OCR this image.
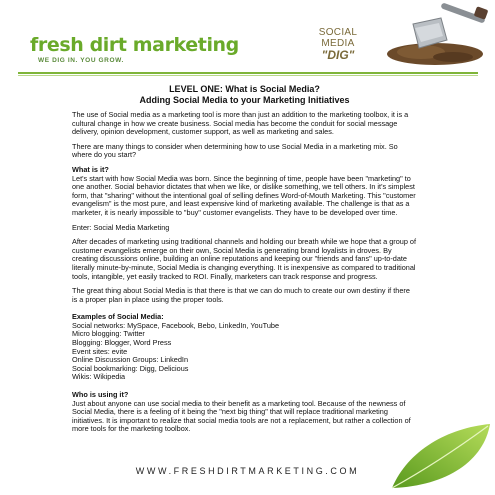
fresh dirt marketing
WE DIG IN. YOU GROW.
SOCIAL
MEDIA
"DIG"
LEVEL ONE: What is Social Media?
Adding Social Media to your Marketing Initiatives

The use of Social media as a marketing tool is more than just an addition to the marketing toolbox, it is a cultural change in how we create business. Social media has become the conduit for social message delivery, opinion development, customer support, as well as marketing and sales.

There are many things to consider when determining how to use Social Media in a marketing mix. So where do you start?

What is it?

Let's start with how Social Media was born. Since the beginning of time, people have been "marketing" to one another. Social behavior dictates that when we like, or dislike something, we tell others. In it's simplest form, that "sharing" without the intentional goal of selling defines Word-of-Mouth Marketing. This "customer evangelism" is the most pure, and least expensive kind of marketing available. The challenge is that as a marketer, it is nearly impossible to "buy" customer evangelists. They have to be developed over time.

Enter: Social Media Marketing

After decades of marketing using traditional channels and holding our breath while we hope that a group of customer evangelists emerge on their own, Social Media is generating brand loyalists in droves. By creating discussions online, building an online reputations and keeping our "friends and fans" up-to-date literally minute-by-minute, Social Media is changing everything. It is inexpensive as compared to traditional tools, intangible, yet easily tracked to ROI. Finally, marketers can track response and progress.

The great thing about Social Media is that there is that we can do much to create our own destiny if there is a proper plan in place using the proper tools.

Examples of Social Media:

Social networks: MySpace, Facebook, Bebo, LinkedIn, YouTube

Micro blogging: Twitter

Blogging: Blogger, Word Press

Event sites: evite

Online Discussion Groups: LinkedIn

Social bookmarking: Digg, Delicious

Wikis: Wikipedia

Who is using it?

Just about anyone can use social media to their benefit as a marketing tool. Because of the newness of Social Media, there is a feeling of it being the "next big thing" that will replace traditional marketing initiatives. It is important to realize that social media tools are not a replacement, but rather a collection of more tools for the marketing toolbox.

WWW.FRESHDIRTMARKETING.COM
